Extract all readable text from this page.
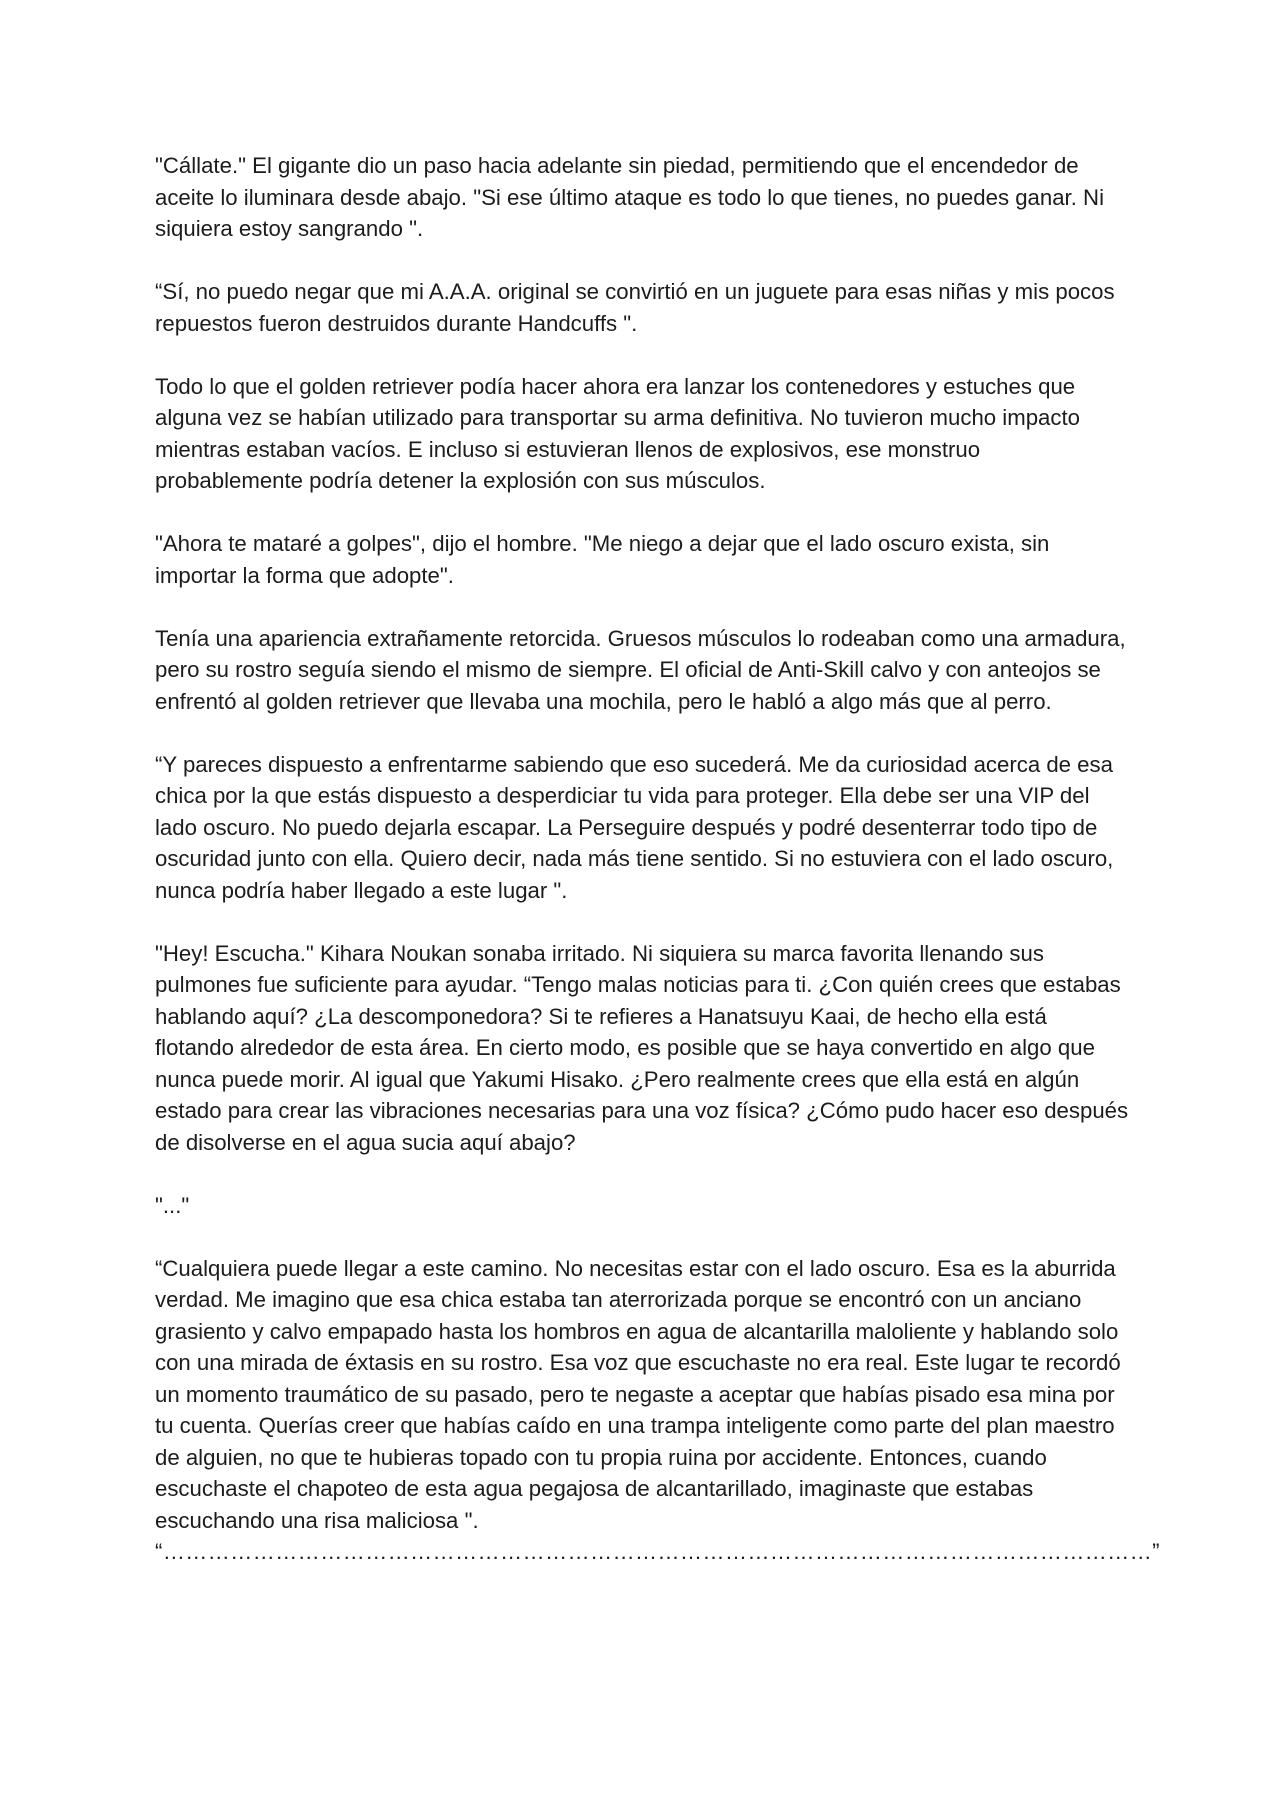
"Cállate." El gigante dio un paso hacia adelante sin piedad, permitiendo que el encendedor de aceite lo iluminara desde abajo. "Si ese último ataque es todo lo que tienes, no puedes ganar. Ni siquiera estoy sangrando ".

“Sí, no puedo negar que mi A.A.A. original se convirtió en un juguete para esas niñas y mis pocos repuestos fueron destruidos durante Handcuffs ".

Todo lo que el golden retriever podía hacer ahora era lanzar los contenedores y estuches que alguna vez se habían utilizado para transportar su arma definitiva. No tuvieron mucho impacto mientras estaban vacíos. E incluso si estuvieran llenos de explosivos, ese monstruo probablemente podría detener la explosión con sus músculos.

"Ahora te mataré a golpes", dijo el hombre. "Me niego a dejar que el lado oscuro exista, sin importar la forma que adopte".

Tenía una apariencia extrañamente retorcida. Gruesos músculos lo rodeaban como una armadura, pero su rostro seguía siendo el mismo de siempre. El oficial de Anti-Skill calvo y con anteojos se enfrentó al golden retriever que llevaba una mochila, pero le habló a algo más que al perro.

“Y pareces dispuesto a enfrentarme sabiendo que eso sucederá. Me da curiosidad acerca de esa chica por la que estás dispuesto a desperdiciar tu vida para proteger. Ella debe ser una VIP del lado oscuro. No puedo dejarla escapar. La Perseguire después y podré desenterrar todo tipo de oscuridad junto con ella. Quiero decir, nada más tiene sentido. Si no estuviera con el lado oscuro, nunca podría haber llegado a este lugar ".

"Hey! Escucha." Kihara Noukan sonaba irritado. Ni siquiera su marca favorita llenando sus pulmones fue suficiente para ayudar. “Tengo malas noticias para ti. ¿Con quién crees que estabas hablando aquí? ¿La descomponedora? Si te refieres a Hanatsuyu Kaai, de hecho ella está flotando alrededor de esta área. En cierto modo, es posible que se haya convertido en algo que nunca puede morir. Al igual que Yakumi Hisako. ¿Pero realmente crees que ella está en algún estado para crear las vibraciones necesarias para una voz física? ¿Cómo pudo hacer eso después de disolverse en el agua sucia aquí abajo?

"..."

“Cualquiera puede llegar a este camino. No necesitas estar con el lado oscuro. Esa es la aburrida verdad. Me imagino que esa chica estaba tan aterrorizada porque se encontró con un anciano grasiento y calvo empapado hasta los hombros en agua de alcantarilla maloliente y hablando solo con una mirada de éxtasis en su rostro. Esa voz que escuchaste no era real. Este lugar te recordó un momento traumático de su pasado, pero te negaste a aceptar que habías pisado esa mina por tu cuenta. Querías creer que habías caído en una trampa inteligente como parte del plan maestro de alguien, no que te hubieras topado con tu propia ruina por accidente. Entonces, cuando escuchaste el chapoteo de esta agua pegajosa de alcantarillado, imaginaste que estabas escuchando una risa maliciosa ".

“……………………………………………………………………………………………………………………”
